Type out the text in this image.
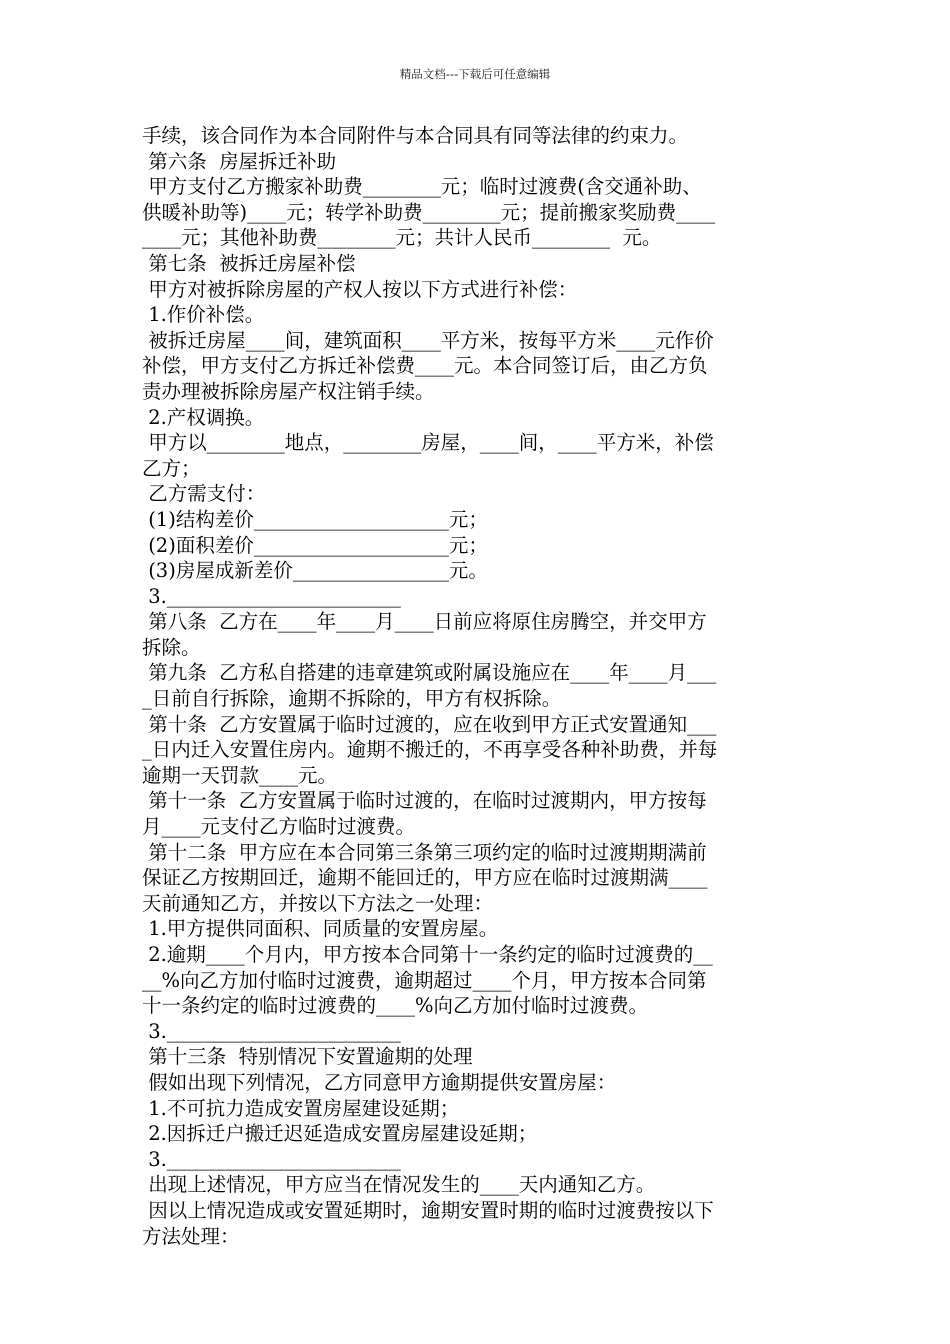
精品文档---下载后可任意编辑
手续，该合同作为本合同附件与本合同具有同等法律的约束力。
第六条  房屋拆迁补助
甲方支付乙方搬家补助费________元；临时过渡费(含交通补助、
供暖补助等)____元；转学补助费________元；提前搬家奖励费____
____元；其他补助费________元；共计人民币________  元。
第七条  被拆迁房屋补偿
甲方对被拆除房屋的产权人按以下方式进行补偿：
1.作价补偿。
被拆迁房屋____间，建筑面积____平方米，按每平方米____元作价
补偿，甲方支付乙方拆迁补偿费____元。本合同签订后，由乙方负
责办理被拆除房屋产权注销手续。
2.产权调换。
甲方以________地点，________房屋，____间，____平方米，补偿
乙方；
乙方需支付：
(1)结构差价____________________元；
(2)面积差价____________________元；
(3)房屋成新差价________________元。
3.________________________
第八条  乙方在____年____月____日前应将原住房腾空，并交甲方
拆除。
第九条  乙方私自搭建的违章建筑或附属设施应在____年____月___
_日前自行拆除，逾期不拆除的，甲方有权拆除。
第十条  乙方安置属于临时过渡的，应在收到甲方正式安置通知___
_日内迁入安置住房内。逾期不搬迁的，不再享受各种补助费，并每
逾期一天罚款____元。
第十一条  乙方安置属于临时过渡的，在临时过渡期内，甲方按每
月____元支付乙方临时过渡费。
第十二条  甲方应在本合同第三条第三项约定的临时过渡期期满前
保证乙方按期回迁，逾期不能回迁的，甲方应在临时过渡期满____
天前通知乙方，并按以下方法之一处理：
1.甲方提供同面积、同质量的安置房屋。
2.逾期____个月内，甲方按本合同第十一条约定的临时过渡费的__
__%向乙方加付临时过渡费，逾期超过____个月，甲方按本合同第
十一条约定的临时过渡费的____%向乙方加付临时过渡费。
3.________________________
第十三条  特别情况下安置逾期的处理
假如出现下列情况，乙方同意甲方逾期提供安置房屋：
1.不可抗力造成安置房屋建设延期；
2.因拆迁户搬迁迟延造成安置房屋建设延期；
3.________________________
出现上述情况，甲方应当在情况发生的____天内通知乙方。
因以上情况造成或安置延期时，逾期安置时期的临时过渡费按以下
方法处理：
